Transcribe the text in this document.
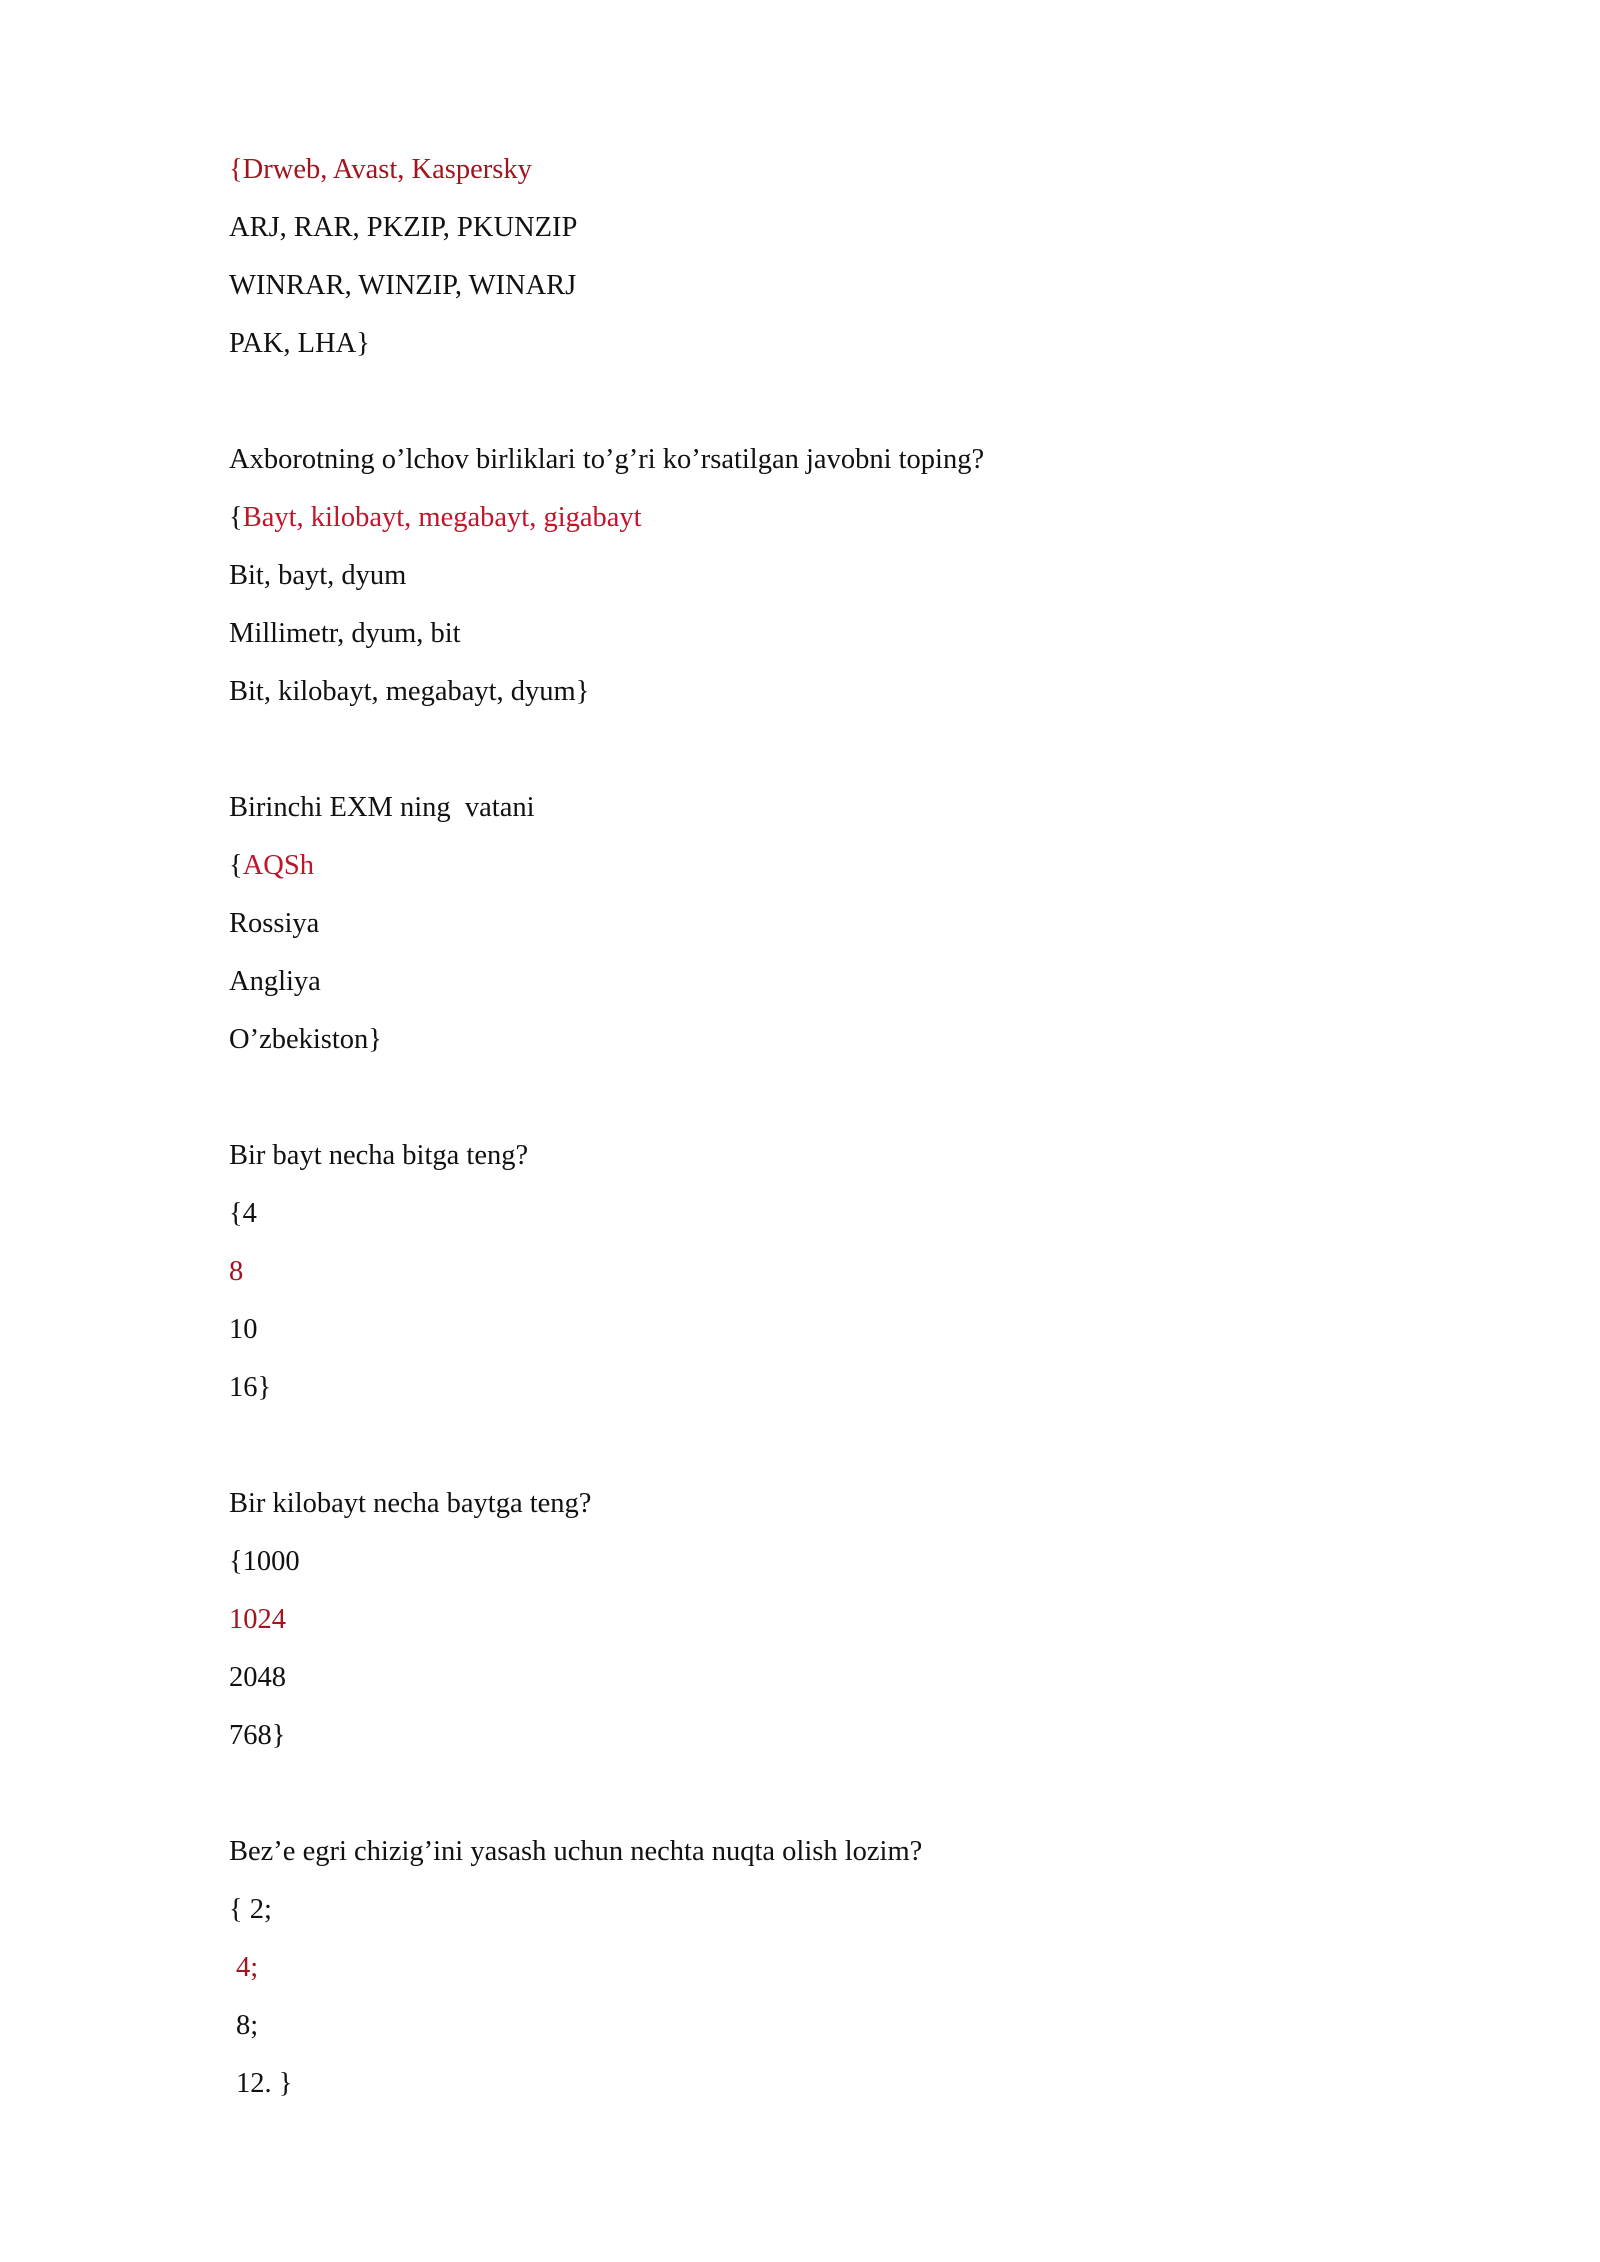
{Drweb, Avast, Kaspersky
ARJ, RAR, PKZIP, PKUNZIP
WINRAR, WINZIP, WINARJ
PAK, LHA}
Axborotning o’lchov birliklari to’g’ri ko’rsatilgan javobni toping?
{Bayt, kilobayt, megabayt, gigabayt
Bit, bayt, dyum
Millimetr, dyum, bit
Bit, kilobayt, megabayt, dyum}
Birinchi EXM ning  vatani
{AQSh
Rossiya
Angliya
O’zbekiston}
Bir bayt necha bitga teng?
{4
8
10
16}
Bir kilobayt necha baytga teng?
{1000
1024
2048
768}
Bez’e egri chizig’ini yasash uchun nechta nuqta olish lozim?
{ 2;
4;
8;
12. }
